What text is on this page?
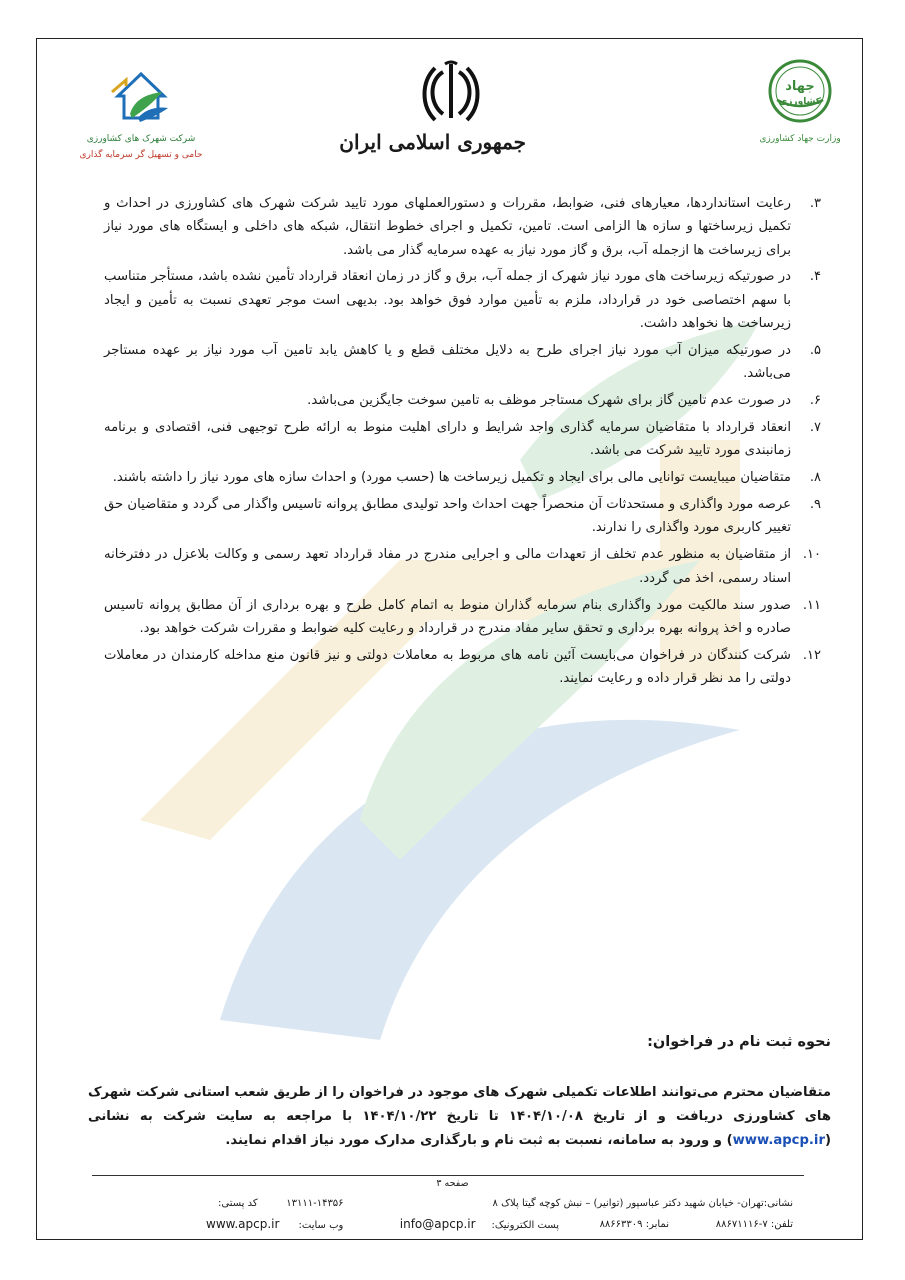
جهاد
کشاورزی
وزارت جهاد کشاورزی
جمهوری اسلامی ایران
شرکت شهرک های کشاورزی
حامی و تسهیل گر سرمایه گذاری
۳.
رعایت استانداردها، معیارهای فنی، ضوابط، مقررات و دستورالعملهای مورد تایید شرکت شهرک های کشاورزی در احداث و تکمیل زیرساختها و سازه ها الزامی است. تامین، تکمیل و اجرای خطوط انتقال، شبکه های داخلی و ایستگاه های مورد نیاز برای زیرساخت ها ازجمله آب، برق و گاز مورد نیاز به عهده سرمایه گذار می باشد.
۴.
در صورتیکه زیرساخت های مورد نیاز شهرک از جمله آب، برق و گاز در زمان انعقاد قرارداد تأمین نشده باشد، مستأجر متناسب با سهم اختصاصی خود در قرارداد، ملزم به تأمین موارد فوق خواهد بود. بدیهی است موجر تعهدی نسبت به تأمین و ایجاد زیرساخت ها نخواهد داشت.
۵.
در صورتیکه میزان آب مورد نیاز اجرای طرح به دلایل مختلف قطع و یا کاهش یابد تامین آب مورد نیاز بر عهده مستاجر می‌باشد.
۶.
در صورت عدم تامین گاز برای شهرک مستاجر موظف به تامین سوخت جایگزین می‌باشد.
۷.
انعقاد قرارداد با متقاضیان سرمایه گذاری واجد شرایط و دارای اهلیت منوط به ارائه طرح توجیهی فنی، اقتصادی و برنامه زمانبندی مورد تایید شرکت می باشد.
۸.
متقاضیان میبایست توانایی مالی برای ایجاد و تکمیل زیرساخت ها (حسب مورد) و احداث سازه های مورد نیاز را داشته باشند.
۹.
عرصه مورد واگذاری و مستحدثات آن منحصراً جهت احداث واحد تولیدی مطابق پروانه تاسیس واگذار می گردد و متقاضیان حق تغییر کاربری مورد واگذاری را ندارند.
۱۰.
از متقاضیان به منظور عدم تخلف از تعهدات مالی و اجرایی مندرج در مفاد قرارداد تعهد رسمی و وکالت بلاعزل در دفترخانه اسناد رسمی، اخذ می گردد.
۱۱.
صدور سند مالکیت مورد واگذاری بنام سرمایه گذاران منوط به اتمام کامل طرح و بهره برداری از آن مطابق پروانه تاسیس صادره و اخذ پروانه بهره برداری و تحقق سایر مفاد مندرج در قرارداد و رعایت کلیه ضوابط و مقررات شرکت خواهد بود.
۱۲.
شرکت کنندگان در فراخوان می‌بایست آئین نامه های مربوط به معاملات دولتی و نیز قانون منع مداخله کارمندان در معاملات دولتی را مد نظر قرار داده و رعایت نمایند.
نحوه ثبت نام در فراخوان:
متقاضیان محترم می‌توانند اطلاعات تکمیلی شهرک های موجود در فراخوان را از طریق شعب استانی شرکت شهرک های کشاورزی دریافت و از تاریخ ۱۴۰۴/۱۰/۰۸ تا تاریخ ۱۴۰۴/۱۰/۲۲ با مراجعه به سایت شرکت به نشانی (www.apcp.ir) و ورود به سامانه، نسبت به ثبت نام و بارگذاری مدارک مورد نیاز اقدام نمایند.
صفحه ۳
نشانی:تهران- خیابان شهید دکتر عباسپور (توانیر) – نبش کوچه گیتا پلاک ۸
۱۳۱۱۱-۱۴۳۵۶         کد پستی:
تلفن: ۷-۸۸۶۷۱۱۱۶
نمابر: ۸۸۶۶۳۳۰۹
پست الکترونیک:     info@apcp.ir
وب سایت:      www.apcp.ir
